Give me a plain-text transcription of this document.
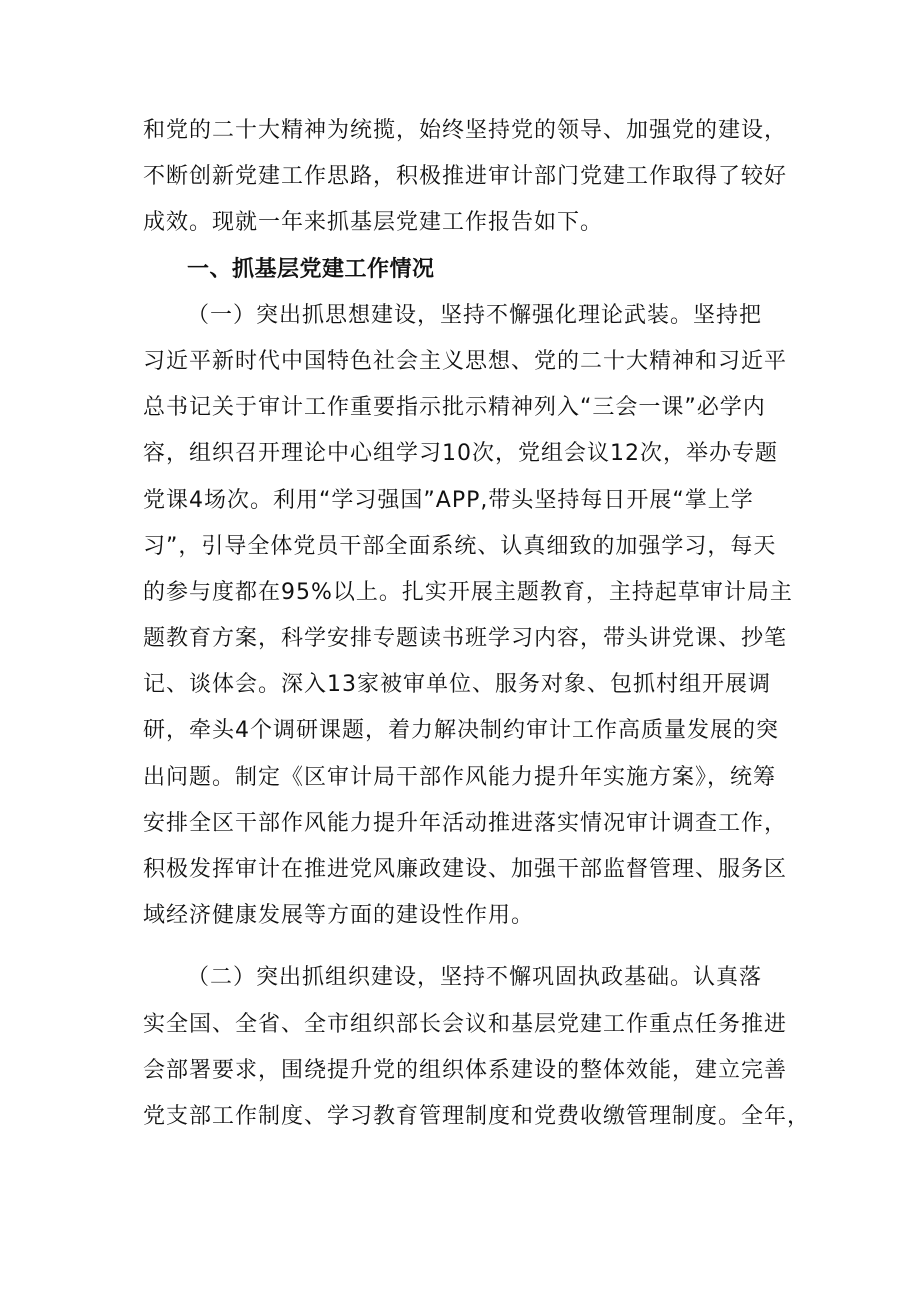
和党的二十大精神为统揽，始终坚持党的领导、加强党的建设，
不断创新党建工作思路，积极推进审计部门党建工作取得了较好
成效。现就一年来抓基层党建工作报告如下。
一、抓基层党建工作情况
（一）突出抓思想建设，坚持不懈强化理论武装。坚持把
习近平新时代中国特色社会主义思想、党的二十大精神和习近平
总书记关于审计工作重要指示批示精神列入“三会一课”必学内
容，组织召开理论中心组学习10次，党组会议12次，举办专题
党课4场次。利用“学习强国”APP,带头坚持每日开展“掌上学
习”，引导全体党员干部全面系统、认真细致的加强学习，每天
的参与度都在95%以上。扎实开展主题教育，主持起草审计局主
题教育方案，科学安排专题读书班学习内容，带头讲党课、抄笔
记、谈体会。深入13家被审单位、服务对象、包抓村组开展调
研，牵头4个调研课题，着力解决制约审计工作高质量发展的突
出问题。制定《区审计局干部作风能力提升年实施方案》，统筹
安排全区干部作风能力提升年活动推进落实情况审计调查工作，
积极发挥审计在推进党风廉政建设、加强干部监督管理、服务区
域经济健康发展等方面的建设性作用。
（二）突出抓组织建设，坚持不懈巩固执政基础。认真落
实全国、全省、全市组织部长会议和基层党建工作重点任务推进
会部署要求，围绕提升党的组织体系建设的整体效能，建立完善
党支部工作制度、学习教育管理制度和党费收缴管理制度。全年，
